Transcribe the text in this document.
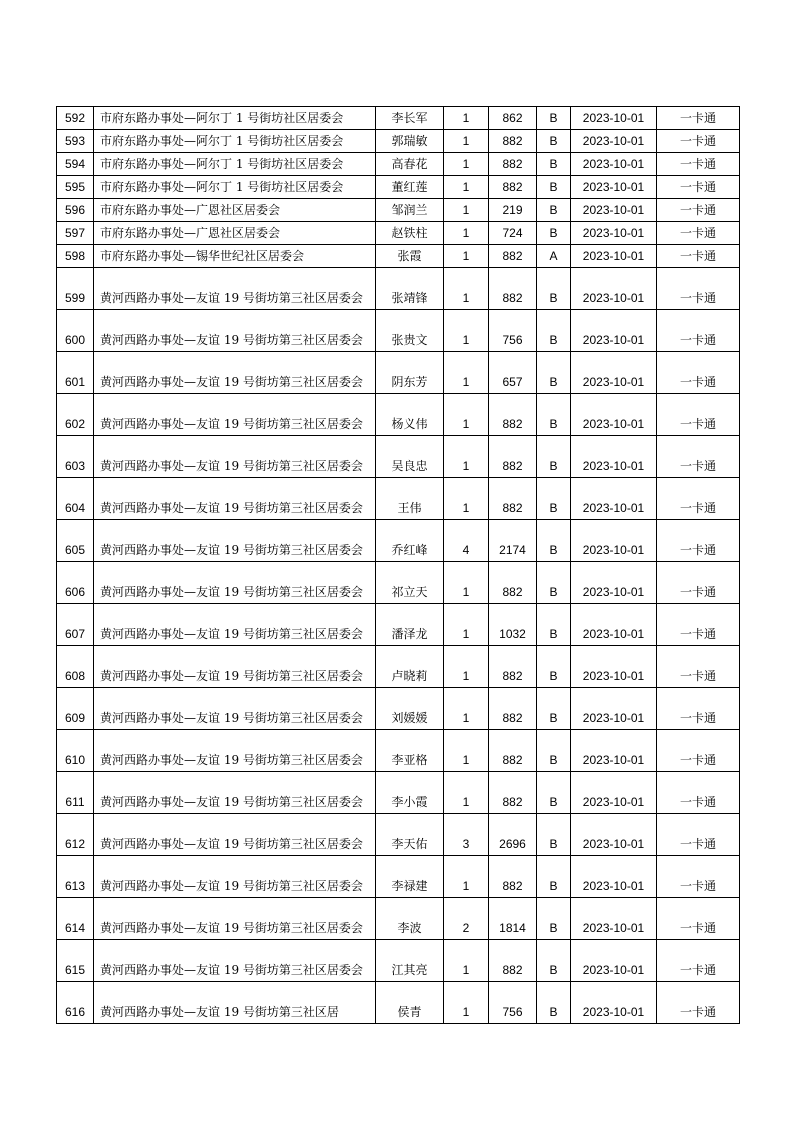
592	市府东路办事处—阿尔丁 1 号街坊社区居委会	李长军	1	862	B	2023-10-01	一卡通
593	市府东路办事处—阿尔丁 1 号街坊社区居委会	郭瑞敏	1	882	B	2023-10-01	一卡通
594	市府东路办事处—阿尔丁 1 号街坊社区居委会	高春花	1	882	B	2023-10-01	一卡通
595	市府东路办事处—阿尔丁 1 号街坊社区居委会	董红莲	1	882	B	2023-10-01	一卡通
596	市府东路办事处—广恩社区居委会	邹润兰	1	219	B	2023-10-01	一卡通
597	市府东路办事处—广恩社区居委会	赵铁柱	1	724	B	2023-10-01	一卡通
598	市府东路办事处—锡华世纪社区居委会	张霞	1	882	A	2023-10-01	一卡通
599	黄河西路办事处—友谊 19 号街坊第三社区居委会	张靖锋	1	882	B	2023-10-01	一卡通
600	黄河西路办事处—友谊 19 号街坊第三社区居委会	张贵文	1	756	B	2023-10-01	一卡通
601	黄河西路办事处—友谊 19 号街坊第三社区居委会	阴东芳	1	657	B	2023-10-01	一卡通
602	黄河西路办事处—友谊 19 号街坊第三社区居委会	杨义伟	1	882	B	2023-10-01	一卡通
603	黄河西路办事处—友谊 19 号街坊第三社区居委会	吴良忠	1	882	B	2023-10-01	一卡通
604	黄河西路办事处—友谊 19 号街坊第三社区居委会	王伟	1	882	B	2023-10-01	一卡通
605	黄河西路办事处—友谊 19 号街坊第三社区居委会	乔红峰	4	2174	B	2023-10-01	一卡通
606	黄河西路办事处—友谊 19 号街坊第三社区居委会	祁立天	1	882	B	2023-10-01	一卡通
607	黄河西路办事处—友谊 19 号街坊第三社区居委会	潘泽龙	1	1032	B	2023-10-01	一卡通
608	黄河西路办事处—友谊 19 号街坊第三社区居委会	卢晓莉	1	882	B	2023-10-01	一卡通
609	黄河西路办事处—友谊 19 号街坊第三社区居委会	刘媛媛	1	882	B	2023-10-01	一卡通
610	黄河西路办事处—友谊 19 号街坊第三社区居委会	李亚格	1	882	B	2023-10-01	一卡通
611	黄河西路办事处—友谊 19 号街坊第三社区居委会	李小霞	1	882	B	2023-10-01	一卡通
612	黄河西路办事处—友谊 19 号街坊第三社区居委会	李天佑	3	2696	B	2023-10-01	一卡通
613	黄河西路办事处—友谊 19 号街坊第三社区居委会	李禄建	1	882	B	2023-10-01	一卡通
614	黄河西路办事处—友谊 19 号街坊第三社区居委会	李波	2	1814	B	2023-10-01	一卡通
615	黄河西路办事处—友谊 19 号街坊第三社区居委会	江其亮	1	882	B	2023-10-01	一卡通
616	黄河西路办事处—友谊 19 号街坊第三社区居	侯青	1	756	B	2023-10-01	一卡通
